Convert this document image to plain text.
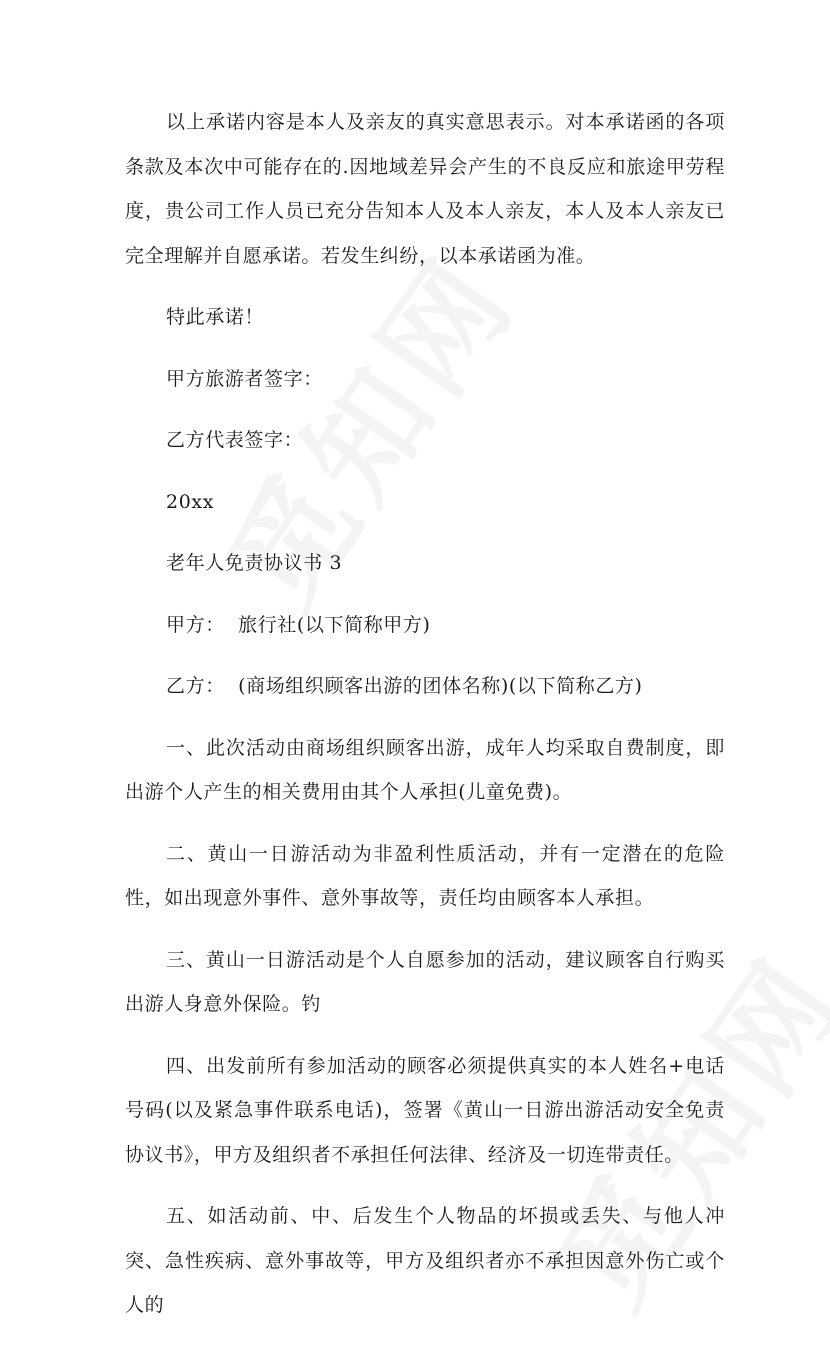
以上承诺内容是本人及亲友的真实意思表示。对本承诺函的各项条款及本次中可能存在的.因地域差异会产生的不良反应和旅途甲劳程度，贵公司工作人员已充分告知本人及本人亲友，本人及本人亲友已完全理解并自愿承诺。若发生纠纷，以本承诺函为准。

特此承诺！

甲方旅游者签字：

乙方代表签字：

20xx

老年人免责协议书 3

甲方：  旅行社(以下简称甲方)

乙方：  (商场组织顾客出游的团体名称)(以下简称乙方)

一、此次活动由商场组织顾客出游，成年人均采取自费制度，即出游个人产生的相关费用由其个人承担(儿童免费)。

二、黄山一日游活动为非盈利性质活动，并有一定潜在的危险性，如出现意外事件、意外事故等，责任均由顾客本人承担。

三、黄山一日游活动是个人自愿参加的活动，建议顾客自行购买出游人身意外保险。钓

四、出发前所有参加活动的顾客必须提供真实的本人姓名+电话号码(以及紧急事件联系电话)，签署《黄山一日游出游活动安全免责协议书》，甲方及组织者不承担任何法律、经济及一切连带责任。

五、如活动前、中、后发生个人物品的坏损或丢失、与他人冲突、急性疾病、意外事故等，甲方及组织者亦不承担因意外伤亡或个人的
